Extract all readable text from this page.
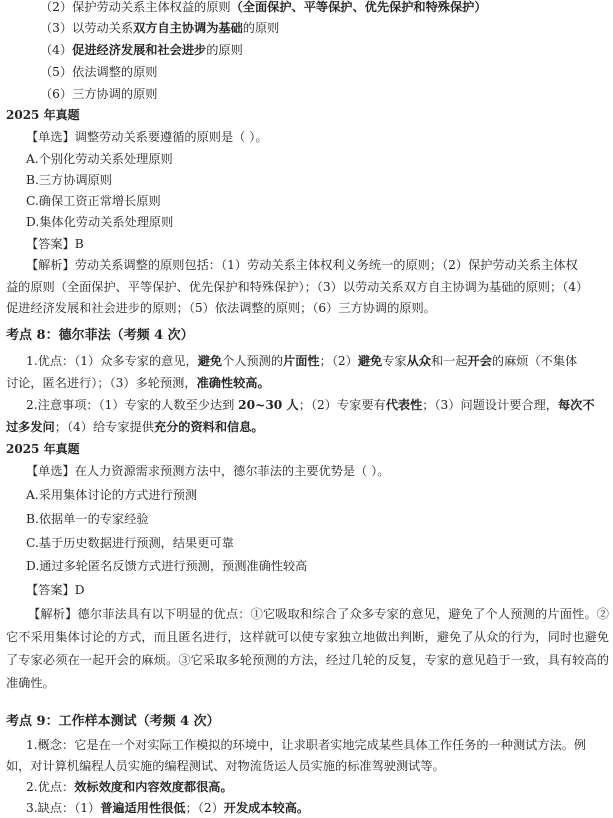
（2）保护劳动关系主体权益的原则（全面保护、平等保护、优先保护和特殊保护）
（3）以劳动关系双方自主协调为基础的原则
（4）促进经济发展和社会进步的原则
（5）依法调整的原则
（6）三方协调的原则
2025 年真题
【单选】调整劳动关系要遵循的原则是（ ）。
A.个别化劳动关系处理原则
B.三方协调原则
C.确保工资正常增长原则
D.集体化劳动关系处理原则
【答案】B
【解析】劳动关系调整的原则包括：（1）劳动关系主体权利义务统一的原则；（2）保护劳动关系主体权
益的原则（全面保护、平等保护、优先保护和特殊保护）；（3）以劳动关系双方自主协调为基础的原则；（4）
促进经济发展和社会进步的原则；（5）依法调整的原则；（6）三方协调的原则。
考点 8：德尔菲法（考频 4 次）
1.优点：（1）众多专家的意见，避免个人预测的片面性；（2）避免专家从众和一起开会的麻烦（不集体
讨论，匿名进行）；（3）多轮预测，准确性较高。
2.注意事项：（1）专家的人数至少达到 20~30 人；（2）专家要有代表性；（3）问题设计要合理，每次不
过多发问；（4）给专家提供充分的资料和信息。
2025 年真题
【单选】在人力资源需求预测方法中，德尔菲法的主要优势是（ ）。
A.采用集体讨论的方式进行预测
B.依据单一的专家经验
C.基于历史数据进行预测，结果更可靠
D.通过多轮匿名反馈方式进行预测，预测准确性较高
【答案】D
【解析】德尔菲法具有以下明显的优点：①它吸取和综合了众多专家的意见，避免了个人预测的片面性。②它不采用集体讨论的方式，而且匿名进行，这样就可以使专家独立地做出判断，避免了从众的行为，同时也避免了专家必须在一起开会的麻烦。③它采取多轮预测的方法，经过几轮的反复，专家的意见趋于一致，具有较高的准确性。
考点 9：工作样本测试（考频 4 次）
1.概念：它是在一个对实际工作模拟的环境中，让求职者实地完成某些具体工作任务的一种测试方法。例
如，对计算机编程人员实施的编程测试、对物流货运人员实施的标准驾驶测试等。
2.优点：效标效度和内容效度都很高。
3.缺点：（1）普遍适用性很低；（2）开发成本较高。
